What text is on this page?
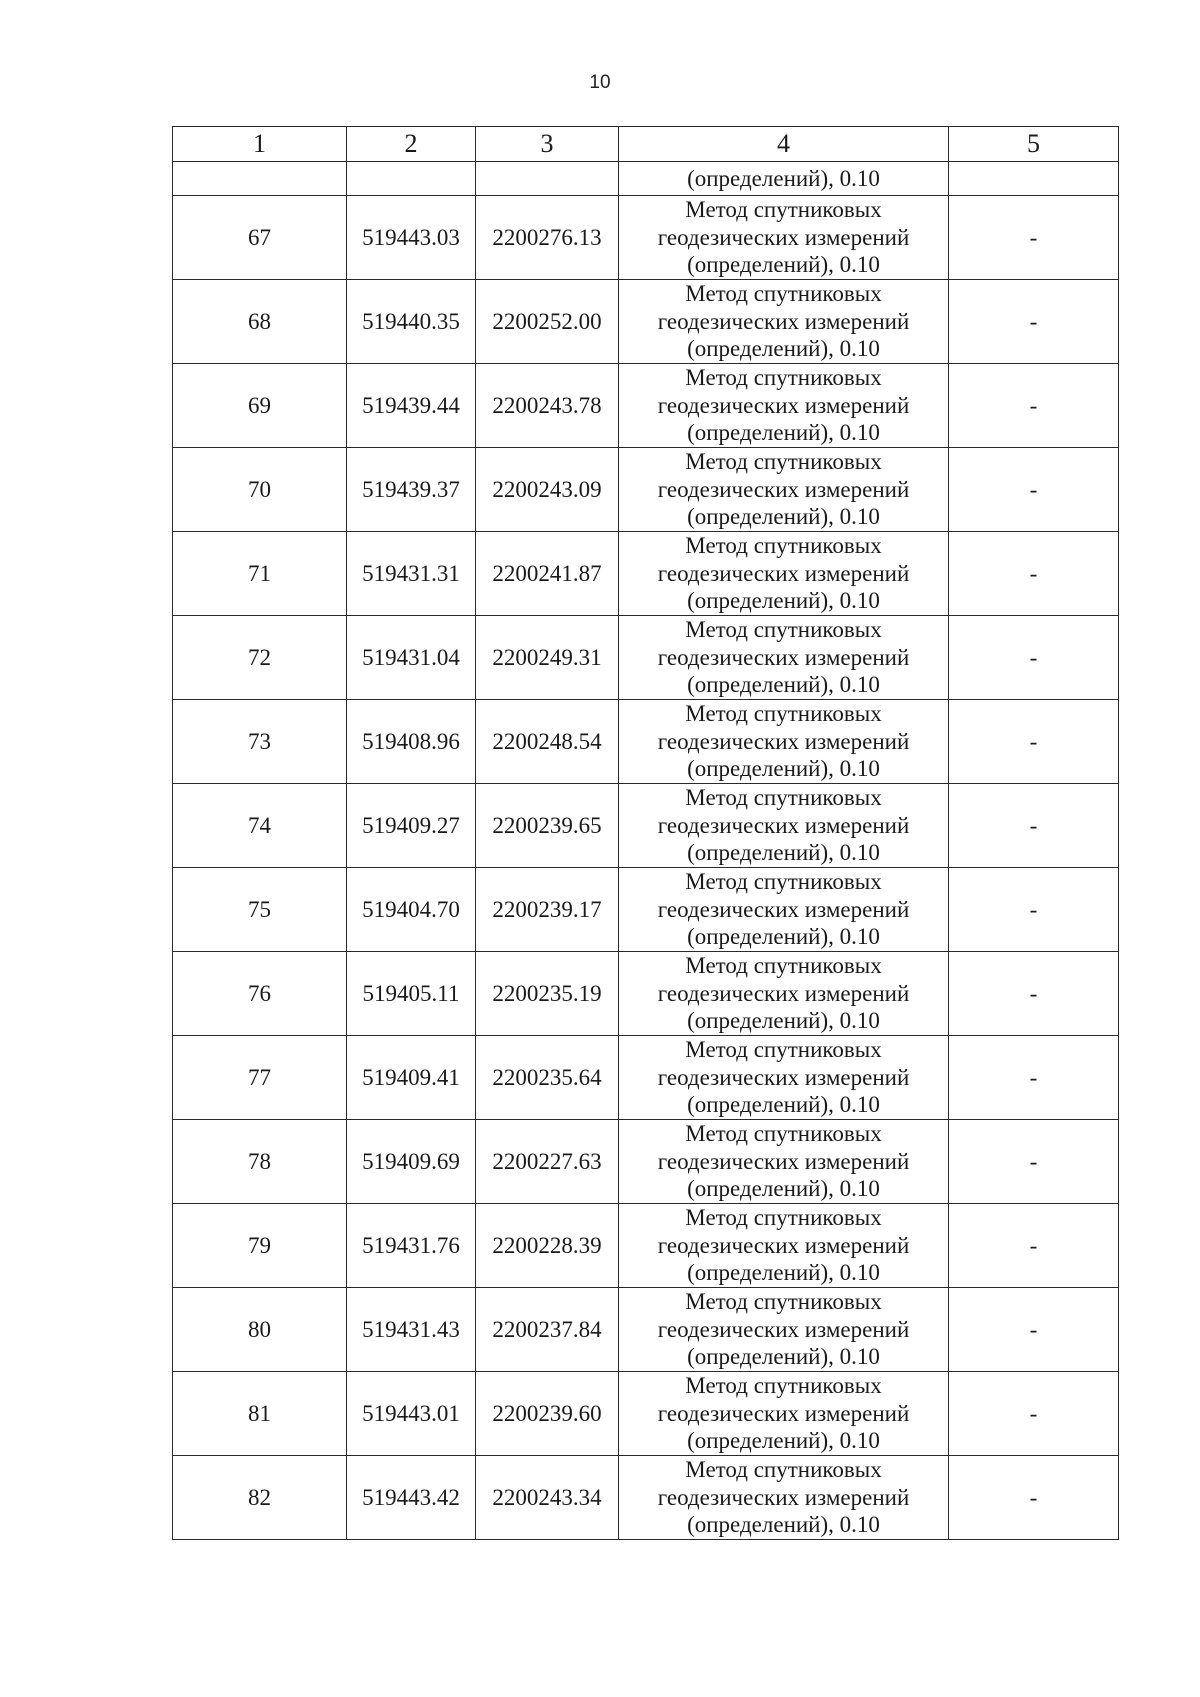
10
1	2	3	4	5
			(определений), 0.10	
67	519443.03	2200276.13	Метод спутниковых
геодезических измерений
(определений), 0.10	-
68	519440.35	2200252.00	Метод спутниковых
геодезических измерений
(определений), 0.10	-
69	519439.44	2200243.78	Метод спутниковых
геодезических измерений
(определений), 0.10	-
70	519439.37	2200243.09	Метод спутниковых
геодезических измерений
(определений), 0.10	-
71	519431.31	2200241.87	Метод спутниковых
геодезических измерений
(определений), 0.10	-
72	519431.04	2200249.31	Метод спутниковых
геодезических измерений
(определений), 0.10	-
73	519408.96	2200248.54	Метод спутниковых
геодезических измерений
(определений), 0.10	-
74	519409.27	2200239.65	Метод спутниковых
геодезических измерений
(определений), 0.10	-
75	519404.70	2200239.17	Метод спутниковых
геодезических измерений
(определений), 0.10	-
76	519405.11	2200235.19	Метод спутниковых
геодезических измерений
(определений), 0.10	-
77	519409.41	2200235.64	Метод спутниковых
геодезических измерений
(определений), 0.10	-
78	519409.69	2200227.63	Метод спутниковых
геодезических измерений
(определений), 0.10	-
79	519431.76	2200228.39	Метод спутниковых
геодезических измерений
(определений), 0.10	-
80	519431.43	2200237.84	Метод спутниковых
геодезических измерений
(определений), 0.10	-
81	519443.01	2200239.60	Метод спутниковых
геодезических измерений
(определений), 0.10	-
82	519443.42	2200243.34	Метод спутниковых
геодезических измерений
(определений), 0.10	-
